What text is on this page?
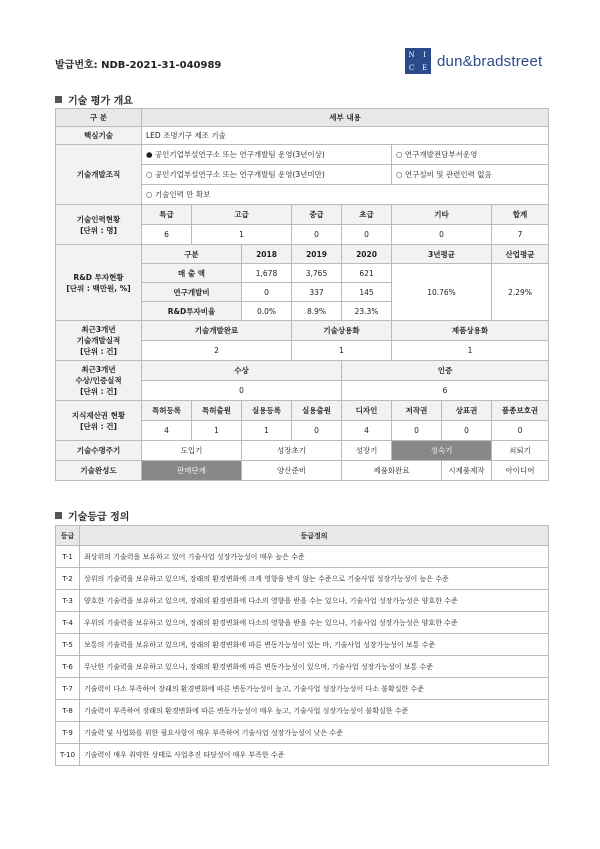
발급번호: NDB-2021-31-040989
N	I
C	E dun&bradstreet
기술 평가 개요
구 분	세부 내용							
핵심기술	LED 조명기구 제조 기술							
기술개발조직	● 공인기업부설연구소 또는 연구개발팀 운영(3년이상)					○ 연구개발전담부서운영		
	○ 공인기업부설연구소 또는 연구개발팀 운영(3년미만)					○ 연구설비 및 관련인력 없음		
	○ 기술인력 만 확보							
기술인력현황
[단위 : 명]	특급	고급		중급	초급	기타		합계
	6	1		0	0	0		7
R&D 투자현황
[단위 : 백만원, %]	구분		2018	2019	2020	3년평균		산업평균
	매 출 액		1,678	3,765	621	10.76%		2.29%
	연구개발비		0	337	145			
	R&D투자비율		0.0%	8.9%	23.3%			
최근3개년
기술개발실적
[단위 : 건]	기술개발완료			기술상용화		제품상용화		
	2			1		1		
최근3개년
수상/인증실적
[단위 : 건]	수상				인증			
	0				6			
지식재산권 현황
[단위 : 건]	특허등록	특허출원	실용등록	실용출원	디자인	저작권	상표권	품종보호권
	4	1	1	0	4	0	0	0
기술수명주기	도입기		성장초기		성장기	성숙기		쇠퇴기
기술완성도	판매단계		양산준비		제품화완료		시제품제작	아이디어
기술등급 정의
등급	등급정의
T-1	최상위의 기술력을 보유하고 있어 기술사업 성장가능성이 매우 높은 수준
T-2	상위의 기술력을 보유하고 있으며, 장래의 환경변화에 크게 영향을 받지 않는 수준으로 기술사업 성장가능성이 높은 수준
T-3	양호한 기술력을 보유하고 있으며, 장래의 환경변화에 다소의 영향을 받을 수는 있으나, 기술사업 성장가능성은 양호한 수준
T-4	우위의 기술력을 보유하고 있으며, 장래의 환경변화에 다소의 영향을 받을 수는 있으나, 기술사업 성장가능성은 양호한 수준
T-5	보통의 기술력을 보유하고 있으며, 장래의 환경변화에 따른 변동가능성이 있는 바, 기술사업 성장가능성이 보통 수준
T-6	무난한 기술력을 보유하고 있으나, 장래의 환경변화에 따른 변동가능성이 있으며, 기술사업 성장가능성이 보통 수준
T-7	기술력이 다소 부족하여 장래의 환경변화에 따른 변동가능성이 높고, 기술사업 성장가능성이 다소 불확실한 수준
T-8	기술력이 부족하여 장래의 환경변화에 따른 변동가능성이 매우 높고, 기술사업 성장가능성이 불확실한 수준
T-9	기술력 및 사업화를 위한 필요사항이 매우 부족하여 기술사업 성장가능성이 낮은 수준
T-10	기술력이 매우 취약한 상태로 사업추진 타당성이 매우 부족한 수준
